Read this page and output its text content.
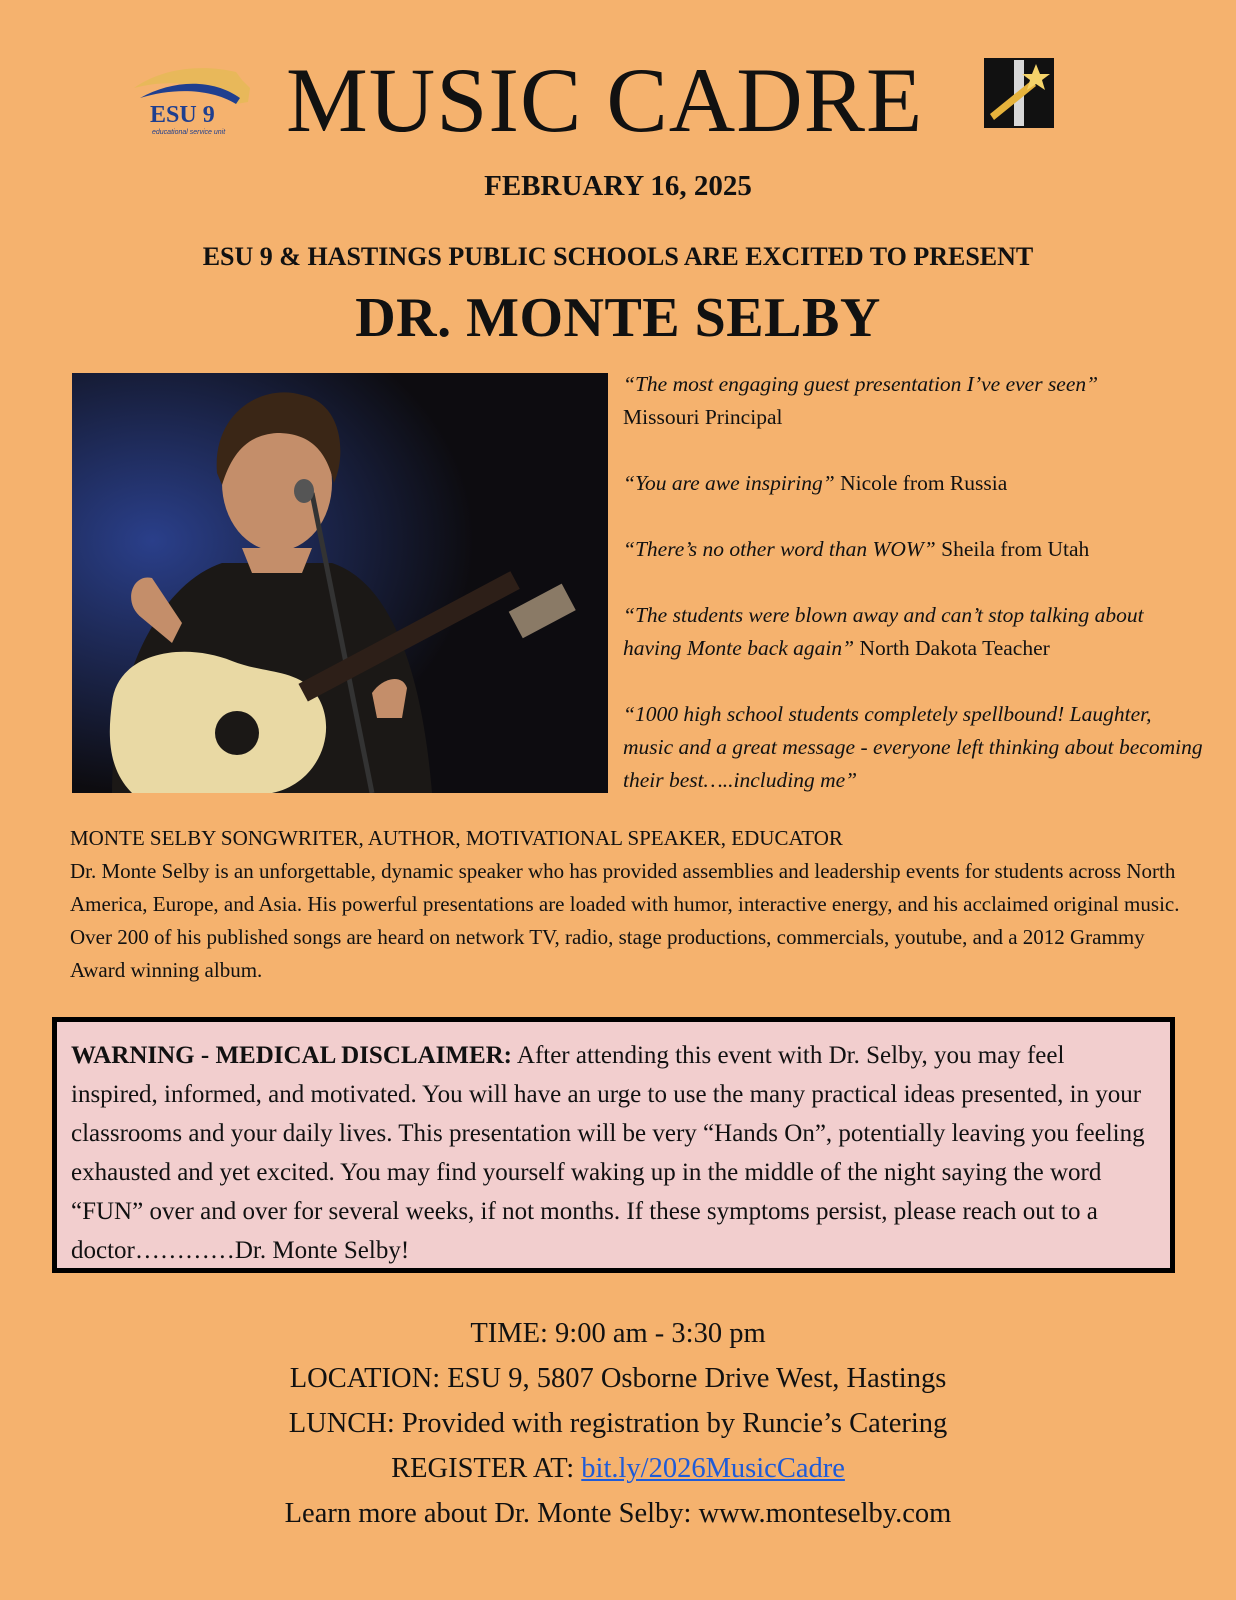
ESU 9
educational service unit MUSIC CADRE
FEBRUARY 16, 2025
ESU 9 & HASTINGS PUBLIC SCHOOLS ARE EXCITED TO PRESENT
DR. MONTE SELBY

“The most engaging guest presentation I’ve ever seen”
Missouri Principal

“You are awe inspiring” Nicole from Russia

“There’s no other word than WOW” Sheila from Utah

“The students were blown away and can’t stop talking about having Monte back again” North Dakota Teacher

“1000 high school students completely spellbound! Laughter, music and a great message - everyone left thinking about becoming their best…..including me”

MONTE SELBY SONGWRITER, AUTHOR, MOTIVATIONAL SPEAKER, EDUCATOR

Dr. Monte Selby is an unforgettable, dynamic speaker who has provided assemblies and leadership events for students across North America, Europe, and Asia. His powerful presentations are loaded with humor, interactive energy, and his acclaimed original music. Over 200 of his published songs are heard on network TV, radio, stage productions, commercials, youtube, and a 2012 Grammy Award winning album.

WARNING - MEDICAL DISCLAIMER: After attending this event with Dr. Selby, you may feel inspired, informed, and motivated. You will have an urge to use the many practical ideas presented, in your classrooms and your daily lives. This presentation will be very “Hands On”, potentially leaving you feeling exhausted and yet excited. You may find yourself waking up in the middle of the night saying the word “FUN” over and over for several weeks, if not months. If these symptoms persist, please reach out to a doctor…………Dr. Monte Selby!

TIME: 9:00 am - 3:30 pm

LOCATION: ESU 9, 5807 Osborne Drive West, Hastings

LUNCH: Provided with registration by Runcie’s Catering

REGISTER AT: bit.ly/2026MusicCadre

Learn more about Dr. Monte Selby: www.monteselby.com
